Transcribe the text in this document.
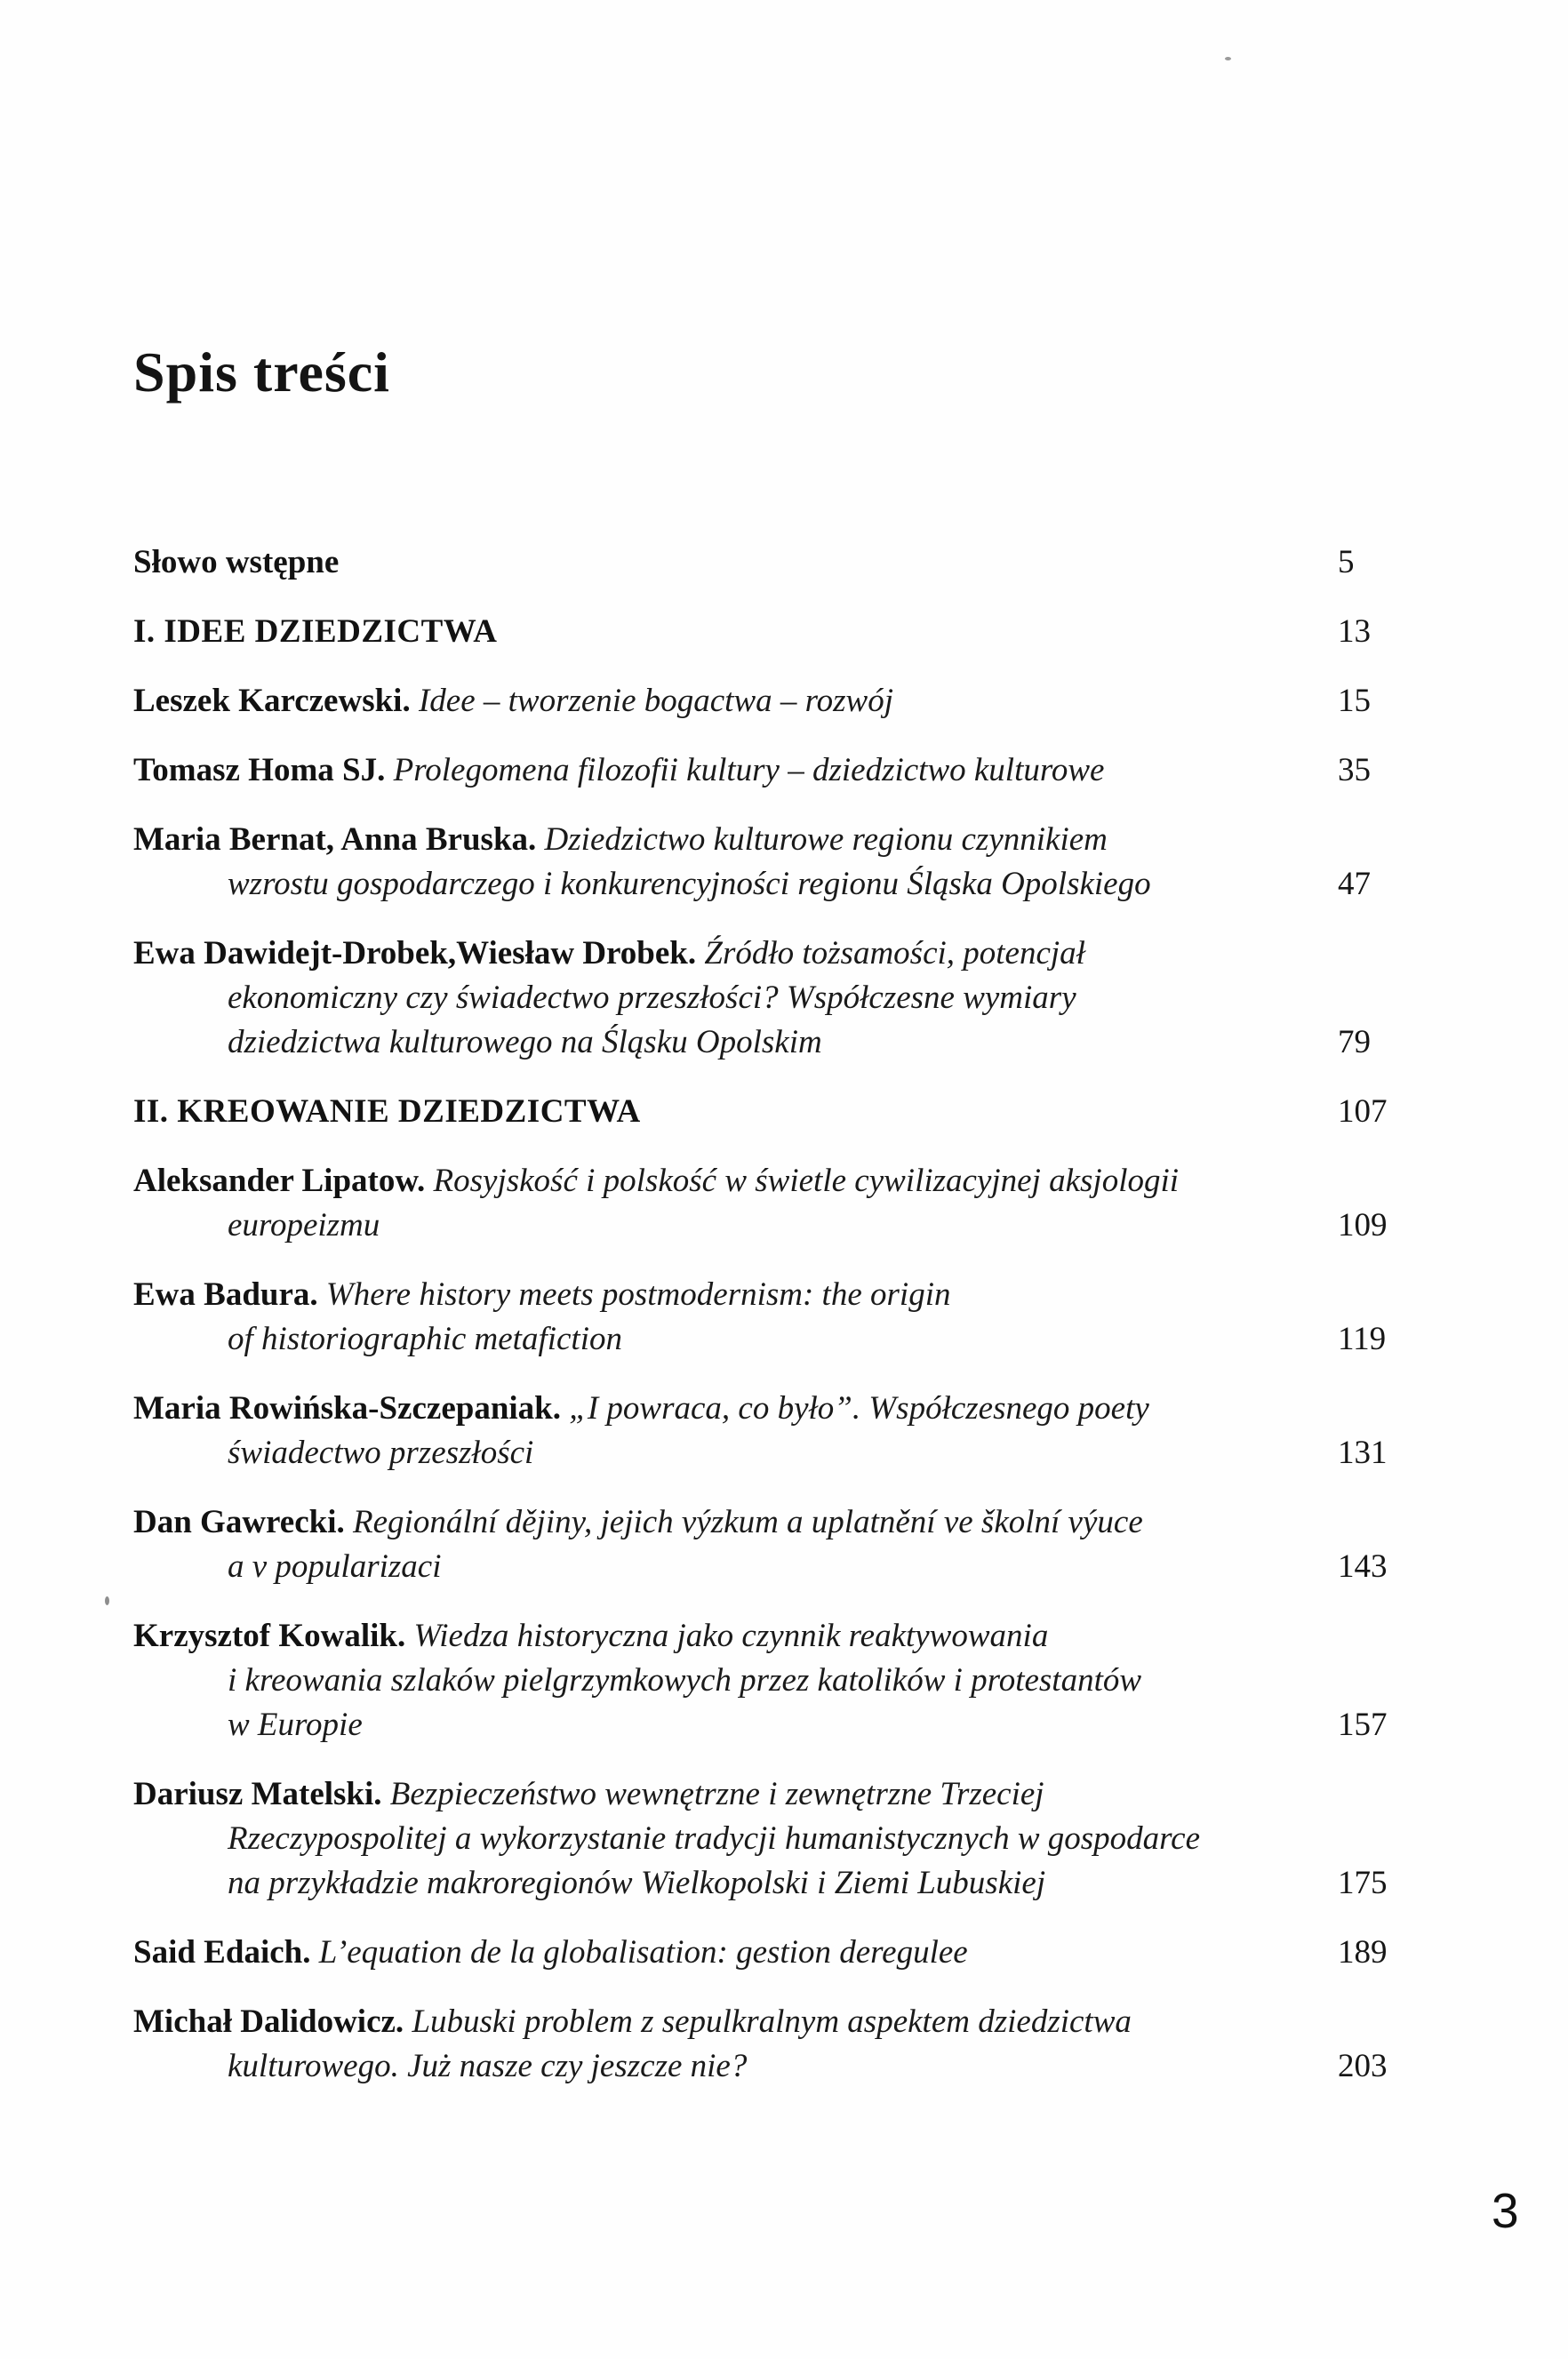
Spis treści
Słowo wstępne	5
I. IDEE DZIEDZICTWA	13
Leszek Karczewski. Idee – tworzenie bogactwa – rozwój	15
Tomasz Homa SJ. Prolegomena filozofii kultury – dziedzictwo kulturowe	35
Maria Bernat, Anna Bruska. Dziedzictwo kulturowe regionu czynnikiem
wzrostu gospodarczego i konkurencyjności regionu Śląska Opolskiego	47
Ewa Dawidejt-Drobek,Wiesław Drobek. Źródło tożsamości, potencjał
ekonomiczny czy świadectwo przeszłości? Współczesne wymiary
dziedzictwa kulturowego na Śląsku Opolskim	79
II. KREOWANIE DZIEDZICTWA	107
Aleksander Lipatow. Rosyjskość i polskość w świetle cywilizacyjnej aksjologii
europeizmu	109
Ewa Badura. Where history meets postmodernism: the origin
of historiographic metafiction	119
Maria Rowińska-Szczepaniak. „I powraca, co było”. Współczesnego poety
świadectwo przeszłości	131
Dan Gawrecki. Regionální dějiny, jejich výzkum a uplatnění ve školní výuce
a v popularizaci	143
Krzysztof Kowalik. Wiedza historyczna jako czynnik reaktywowania
i kreowania szlaków pielgrzymkowych przez katolików i protestantów
w Europie	157
Dariusz Matelski. Bezpieczeństwo wewnętrzne i zewnętrzne Trzeciej
Rzeczypospolitej a wykorzystanie tradycji humanistycznych w gospodarce
na przykładzie makroregionów Wielkopolski i Ziemi Lubuskiej	175
Said Edaich. L’equation de la globalisation: gestion deregulee	189
Michał Dalidowicz. Lubuski problem z sepulkralnym aspektem dziedzictwa
kulturowego. Już nasze czy jeszcze nie?	203
3
